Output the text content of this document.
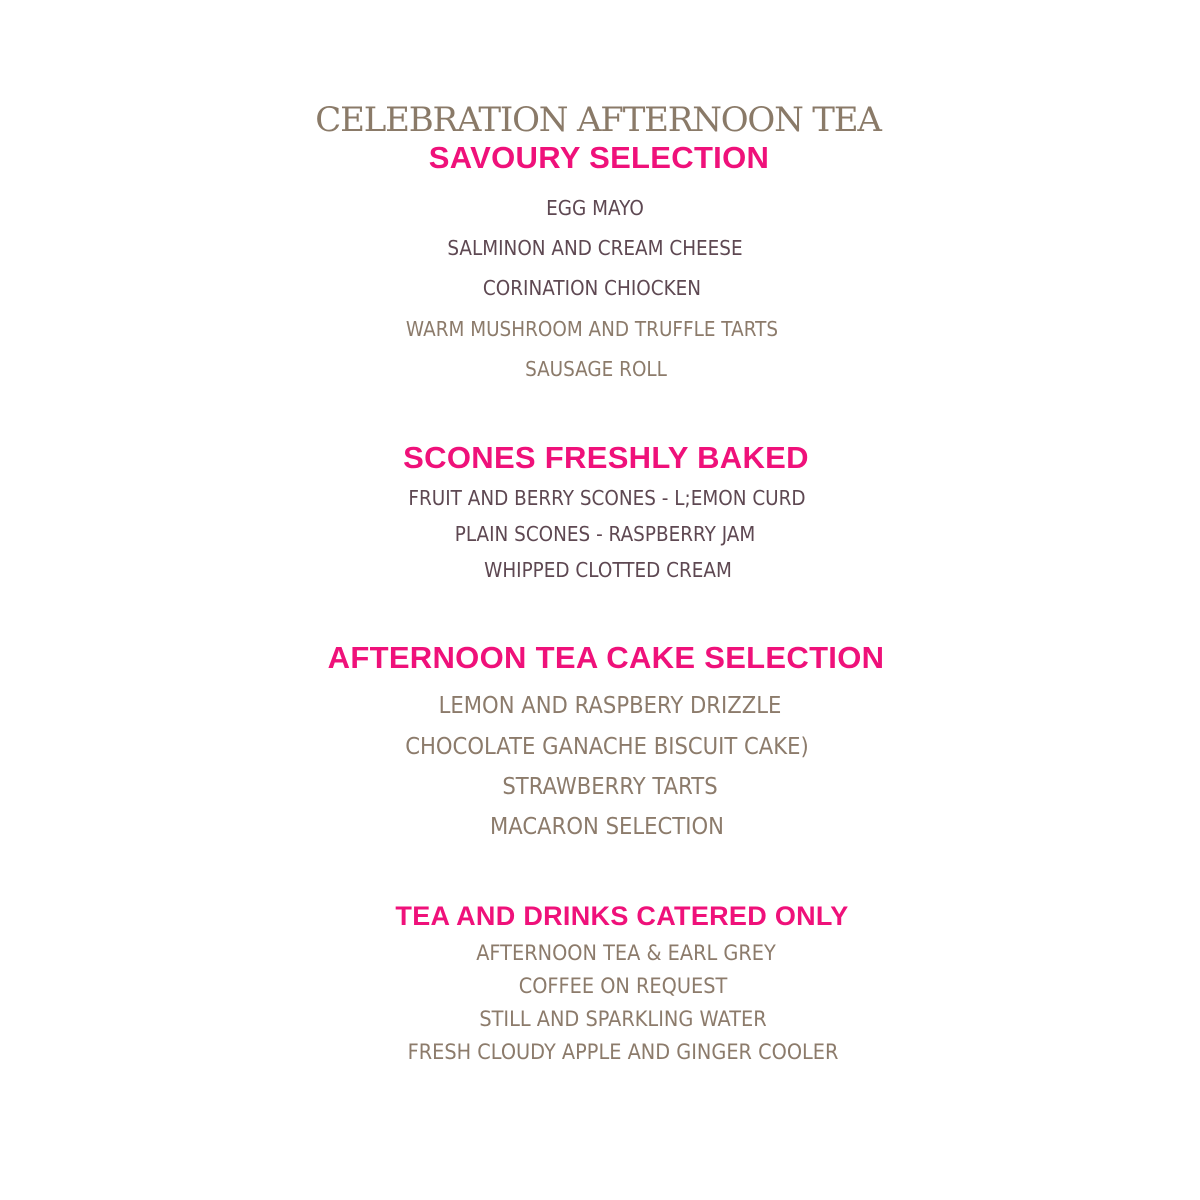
CELEBRATION AFTERNOON TEA
SAVOURY SELECTION
EGG MAYO
SALMINON AND CREAM CHEESE
CORINATION CHIOCKEN
WARM MUSHROOM AND TRUFFLE TARTS
SAUSAGE ROLL
SCONES FRESHLY BAKED
FRUIT AND BERRY SCONES - L;EMON CURD
PLAIN SCONES - RASPBERRY JAM
WHIPPED CLOTTED CREAM
AFTERNOON TEA CAKE SELECTION
LEMON AND RASPBERY DRIZZLE
CHOCOLATE GANACHE BISCUIT CAKE)
STRAWBERRY TARTS
MACARON SELECTION
TEA AND DRINKS CATERED ONLY
AFTERNOON TEA & EARL GREY
COFFEE ON REQUEST
STILL AND SPARKLING WATER
FRESH CLOUDY APPLE AND GINGER COOLER
